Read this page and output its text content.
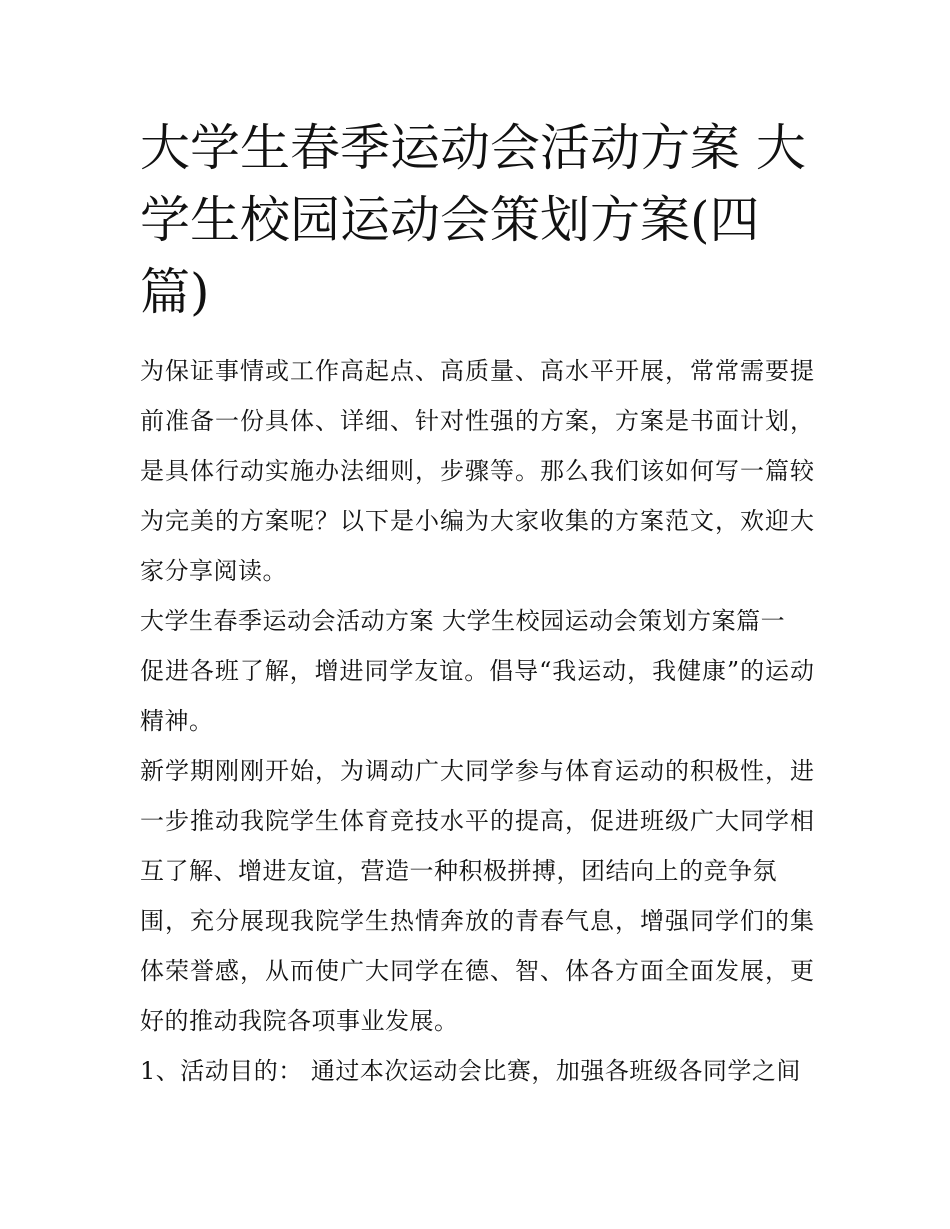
大学生春季运动会活动方案 大
学生校园运动会策划方案(四
篇)

为保证事情或工作高起点、高质量、高水平开展，常常需要提
前准备一份具体、详细、针对性强的方案，方案是书面计划，
是具体行动实施办法细则，步骤等。那么我们该如何写一篇较
为完美的方案呢？以下是小编为大家收集的方案范文，欢迎大
家分享阅读。

大学生春季运动会活动方案 大学生校园运动会策划方案篇一

促进各班了解，增进同学友谊。倡导“我运动，我健康”的运动
精神。

新学期刚刚开始，为调动广大同学参与体育运动的积极性，进
一步推动我院学生体育竞技水平的提高，促进班级广大同学相
互了解、增进友谊，营造一种积极拼搏，团结向上的竞争氛
围，充分展现我院学生热情奔放的青春气息，增强同学们的集
体荣誉感，从而使广大同学在德、智、体各方面全面发展，更
好的推动我院各项事业发展。

1、活动目的： 通过本次运动会比赛，加强各班级各同学之间
